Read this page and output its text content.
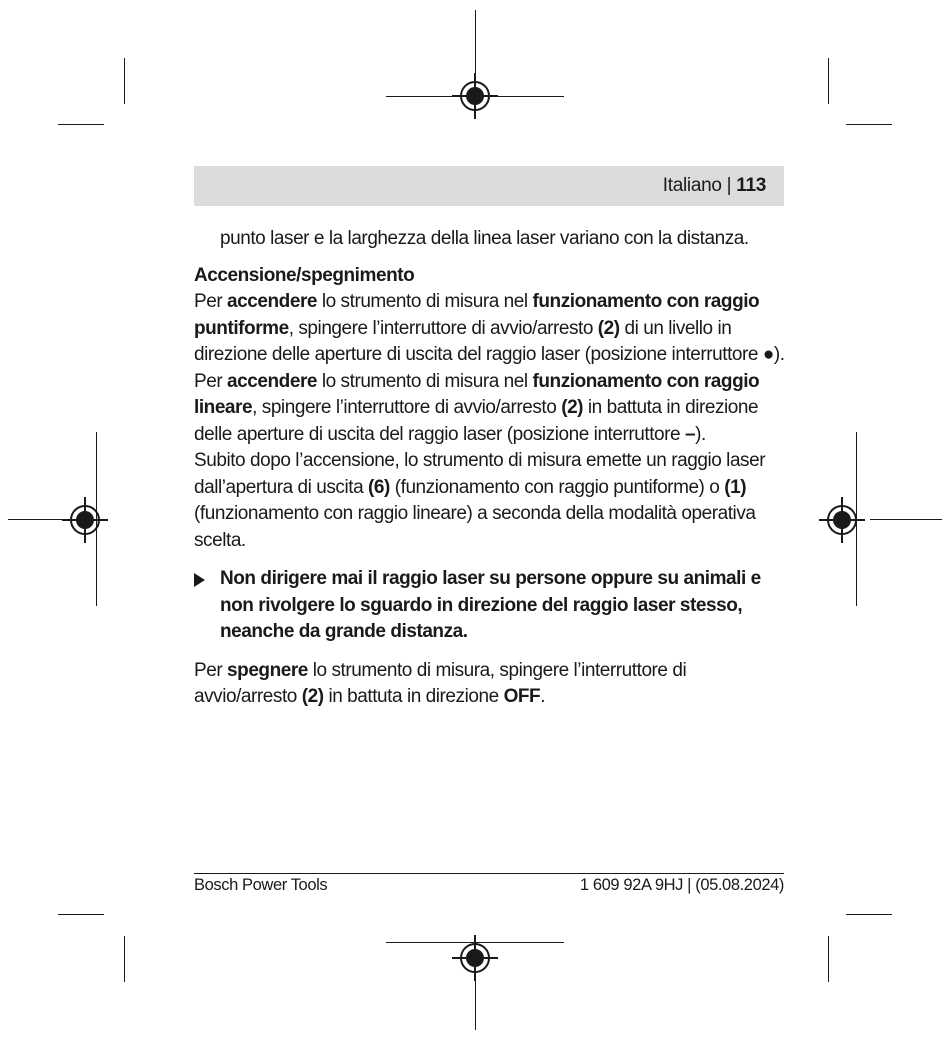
Italiano | 113

punto laser e la larghezza della linea laser variano con la distanza.

Accensione/spegnimento

Per accendere lo strumento di misura nel funzionamento con raggio puntiforme, spingere l’interruttore di avvio/arresto (2) di un livello in direzione delle aperture di uscita del raggio laser (posizione interruttore ●).

Per accendere lo strumento di misura nel funzionamento con raggio lineare, spingere l’interruttore di avvio/arresto (2) in battuta in direzione delle aperture di uscita del raggio laser (posizione interruttore –).

Subito dopo l’accensione, lo strumento di misura emette un raggio laser dall’apertura di uscita (6) (funzionamento con raggio puntiforme) o (1) (funzionamento con raggio lineare) a seconda della modalità operativa scelta.

Non dirigere mai il raggio laser su persone oppure su animali e non rivolgere lo sguardo in direzione del raggio laser stesso, neanche da grande distanza.

Per spegnere lo strumento di misura, spingere l’interruttore di avvio/arresto (2) in battuta in direzione OFF.

Bosch Power Tools	1 609 92A 9HJ | (05.08.2024)
